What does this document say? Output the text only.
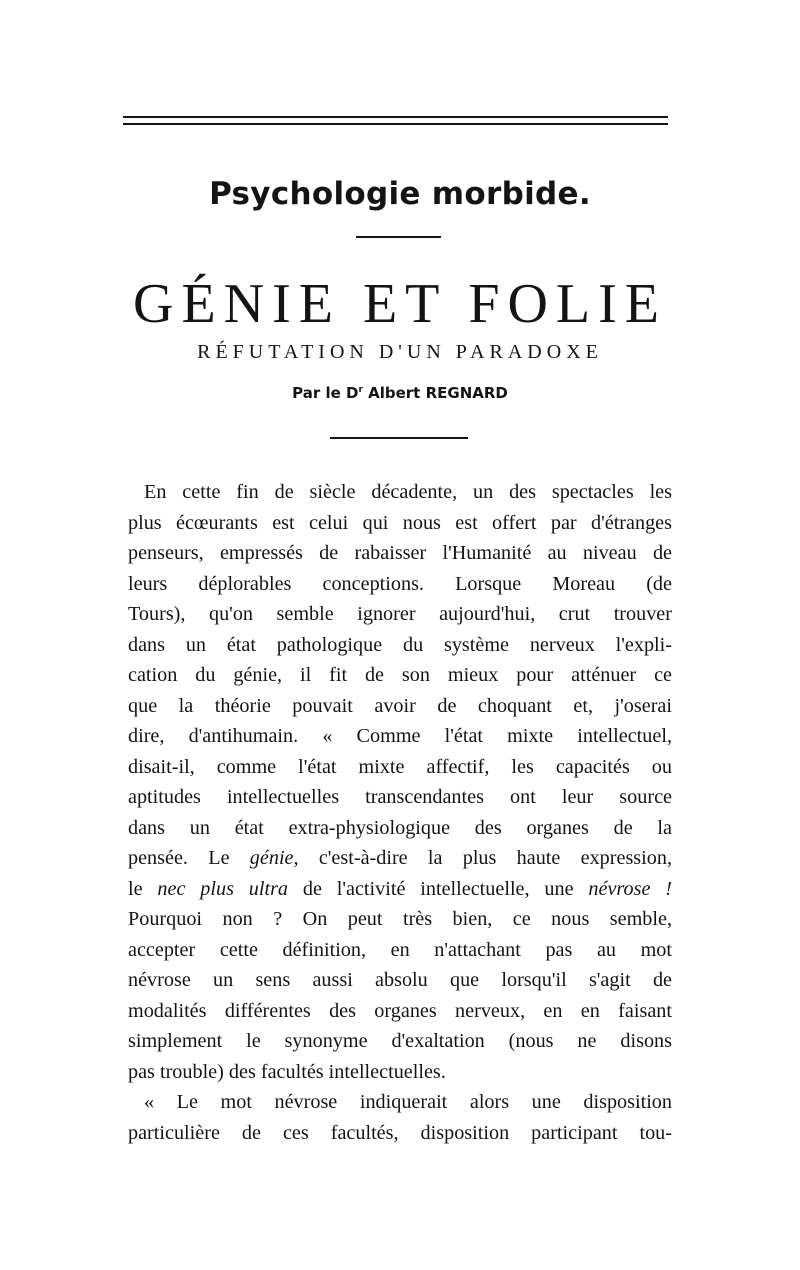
Psychologie morbide.
GÉNIE ET FOLIE
RÉFUTATION D'UN PARADOXE
Par le $D^r$ Albert REGNARD
En cette fin de siècle décadente, un des spectacles les
plus écœurants est celui qui nous est offert par d'étranges
penseurs, empressés de rabaisser l'Humanité au niveau de
leurs déplorables conceptions. Lorsque Moreau (de
Tours), qu'on semble ignorer aujourd'hui, crut trouver
dans un état pathologique du système nerveux l'expli-
cation du génie, il fit de son mieux pour atténuer ce
que la théorie pouvait avoir de choquant et, j'oserai
dire, d'antihumain. « Comme l'état mixte intellectuel,
disait-il, comme l'état mixte affectif, les capacités ou
aptitudes intellectuelles transcendantes ont leur source
dans un état extra-physiologique des organes de la
pensée. Le génie, c'est-à-dire la plus haute expression,
le nec plus ultra de l'activité intellectuelle, une névrose !
Pourquoi non ? On peut très bien, ce nous semble,
accepter cette définition, en n'attachant pas au mot
névrose un sens aussi absolu que lorsqu'il s'agit de
modalités différentes des organes nerveux, en en faisant
simplement le synonyme d'exaltation (nous ne disons
pas trouble) des facultés intellectuelles.
« Le mot névrose indiquerait alors une disposition
particulière de ces facultés, disposition participant tou-
